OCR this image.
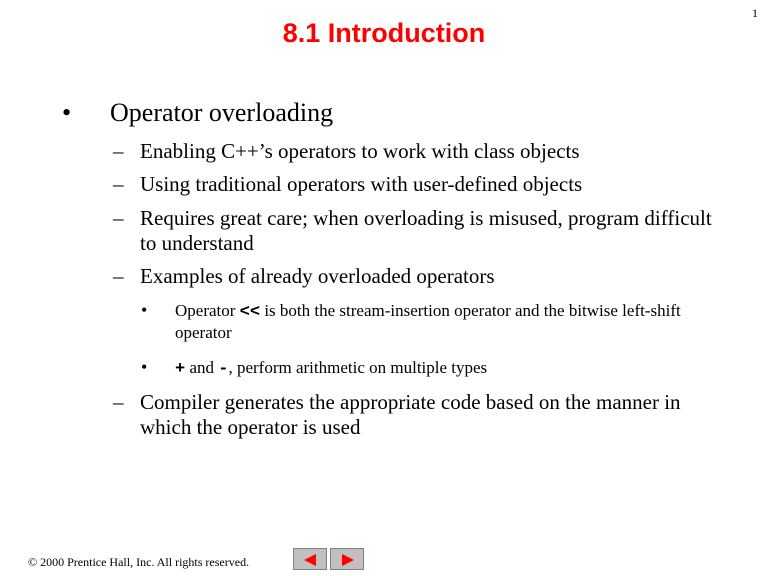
1
8.1 Introduction
• Operator overloading
– Enabling C++’s operators to work with class objects
– Using traditional operators with user-defined objects
– Requires great care; when overloading is misused, program difficult to understand
– Examples of already overloaded operators
• Operator << is both the stream-insertion operator and the bitwise left-shift operator
• + and -, perform arithmetic on multiple types
– Compiler generates the appropriate code based on the manner in which the operator is used
© 2000 Prentice Hall, Inc. All rights reserved.
